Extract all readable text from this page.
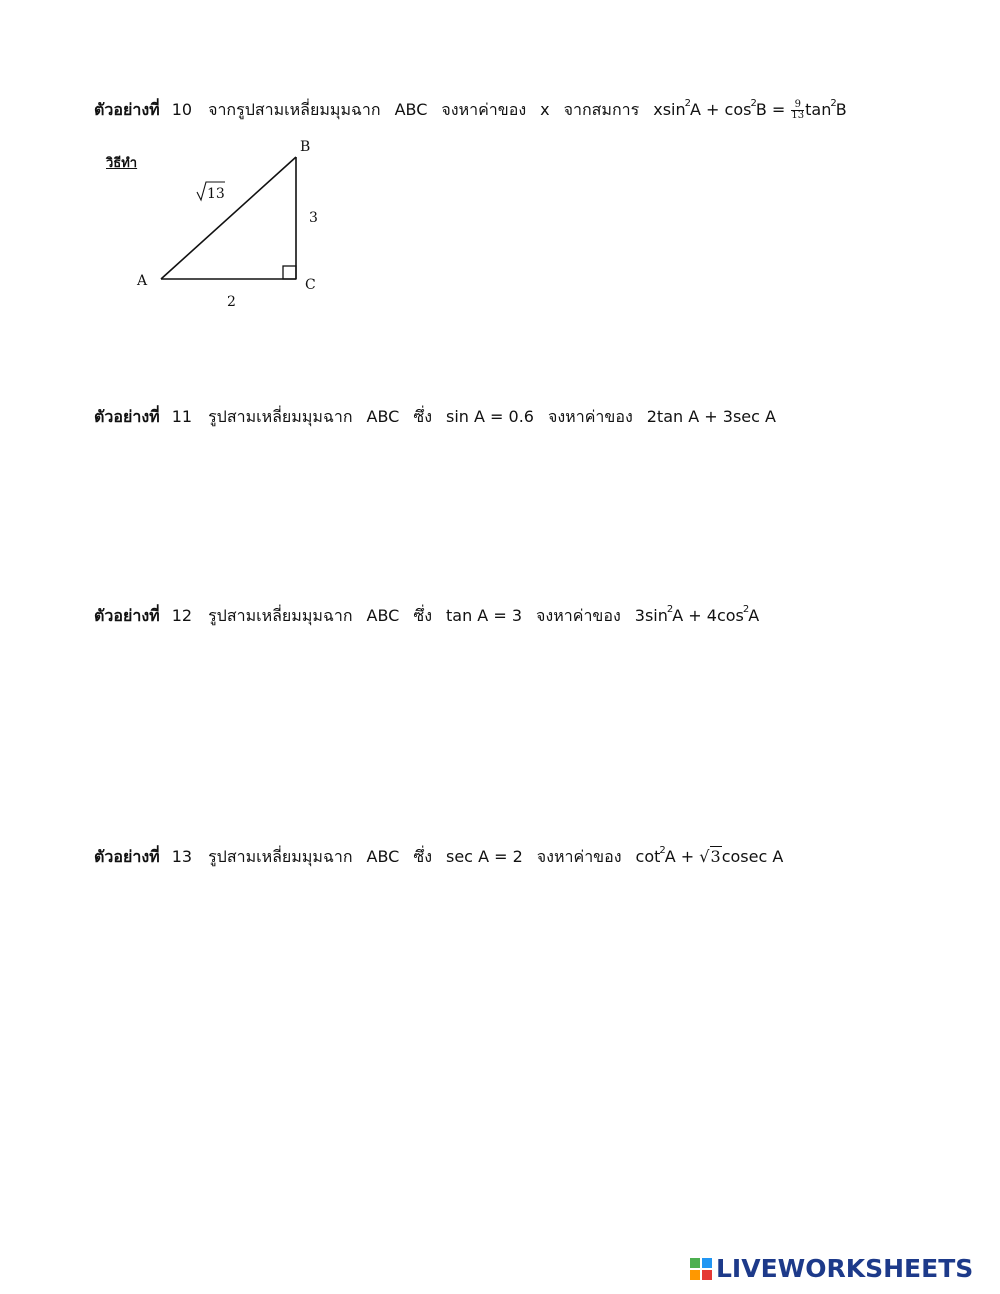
ตัวอย่างที่ 10 จากรูปสามเหลี่ยมมุมฉาก ABC จงหาค่าของ x จากสมการ $xsin^2A + \cos^2B = \frac{9}{13} \tan^2B$
วิธีทำ
B
A	C
3
2
13
ตัวอย่างที่ 11 รูปสามเหลี่ยมมุมฉาก ABC ซึ่ง sin A = 0.6 จงหาค่าของ 2tan A + 3sec A
ตัวอย่างที่ 12 รูปสามเหลี่ยมมุมฉาก ABC ซึ่ง tan A = 3 จงหาค่าของ $3\sin^2A + 4\cos^2A$
ตัวอย่างที่ 13 รูปสามเหลี่ยมมุมฉาก ABC ซึ่ง sec A = 2 จงหาค่าของ $\cot^2A + √3cosec$ A
LIVEWORKSHEETS
